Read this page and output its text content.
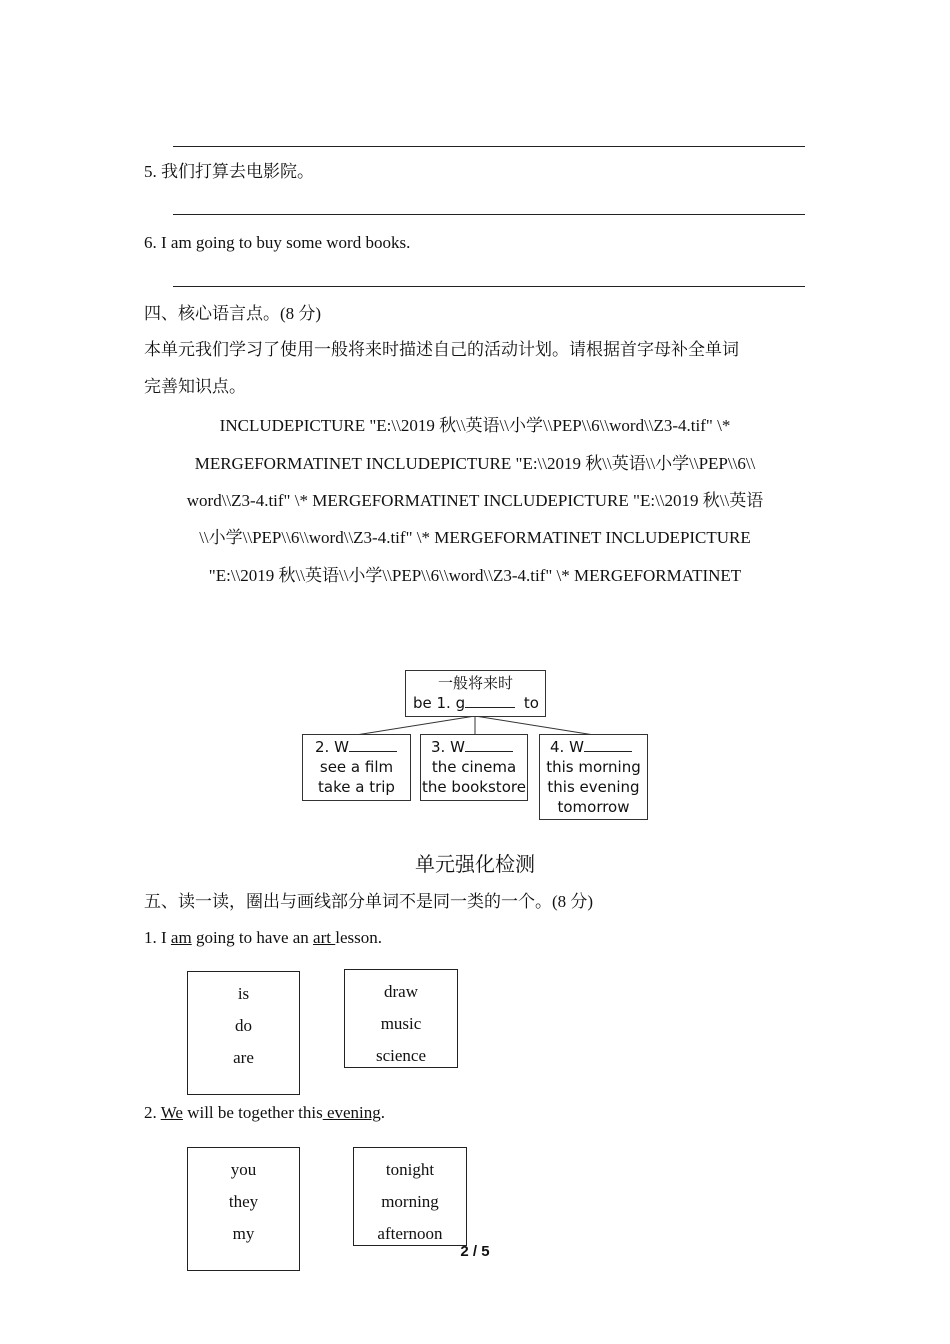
5. 我们打算去电影院。
6. I am going to buy some word books.
四、核心语言点。(8 分)
本单元我们学习了使用一般将来时描述自己的活动计划。请根据首字母补全单词
完善知识点。
INCLUDEPICTURE "E:\\2019 秋\\英语\\小学\\PEP\\6\\word\\Z3-4.tif" \*
MERGEFORMATINET INCLUDEPICTURE "E:\\2019 秋\\英语\\小学\\PEP\\6\\
word\\Z3-4.tif" \* MERGEFORMATINET INCLUDEPICTURE "E:\\2019 秋\\英语
\\小学\\PEP\\6\\word\\Z3-4.tif" \* MERGEFORMATINET INCLUDEPICTURE
"E:\\2019 秋\\英语\\小学\\PEP\\6\\word\\Z3-4.tif" \* MERGEFORMATINET
一般将来时
be 1. g	to
2. W
see a film
take a trip
3. W
the cinema
the bookstore
4. W
this morning
this evening
tomorrow
单元强化检测
五、读一读，圈出与画线部分单词不是同一类的一个。(8 分)
1. I am going to have an art lesson.
is
do
are
draw
music
science
2. We will be together this evening.
you
they
my
tonight
morning
afternoon
2 / 5
